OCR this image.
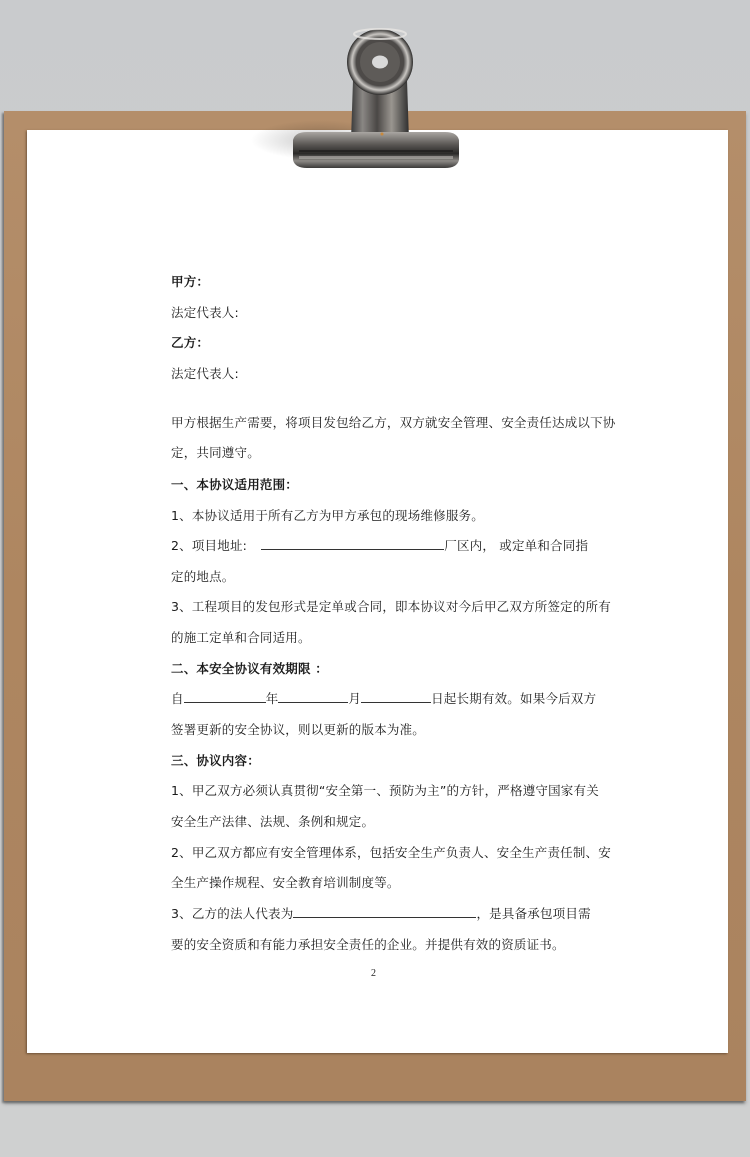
甲方：
法定代表人:
乙方：
法定代表人:
甲方根据生产需要，将项目发包给乙方，双方就安全管理、安全责任达成以下协
定，共同遵守。
一、本协议适用范围：
1、本协议适用于所有乙方为甲方承包的现场维修服务。
2、项目地址:	厂区内， 或定单和合同指
定的地点。
3、工程项目的发包形式是定单或合同，即本协议对今后甲乙双方所签定的所有
的施工定单和合同适用。
二、本安全协议有效期限 ：
自	年	月	日起长期有效。如果今后双方
签署更新的安全协议，则以更新的版本为准。
三、协议内容：
1、甲乙双方必须认真贯彻“安全第一、预防为主”的方针，严格遵守国家有关
安全生产法律、法规、条例和规定。
2、甲乙双方都应有安全管理体系，包括安全生产负责人、安全生产责任制、安
全生产操作规程、安全教育培训制度等。
3、乙方的法人代表为	，是具备承包项目需
要的安全资质和有能力承担安全责任的企业。并提供有效的资质证书。
2
